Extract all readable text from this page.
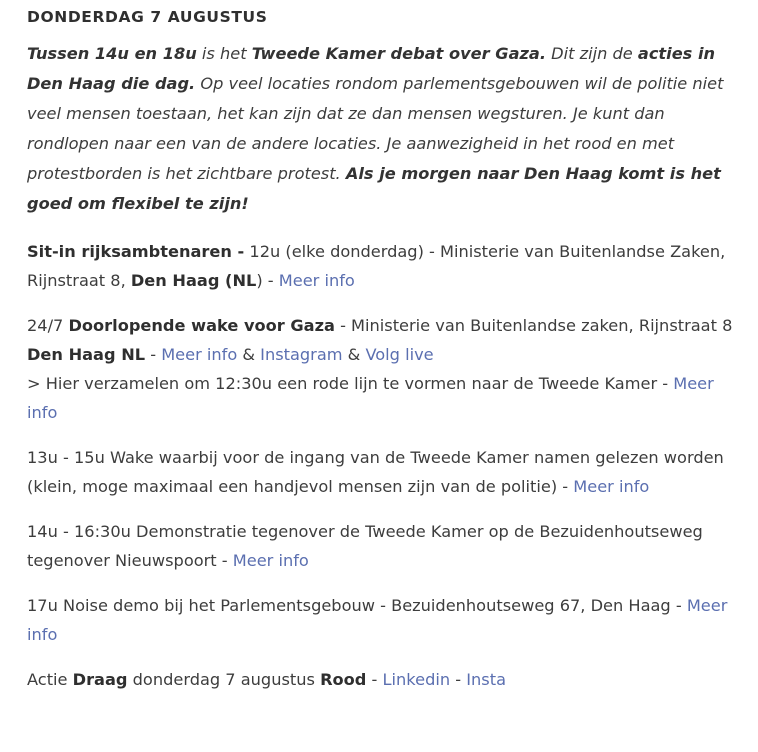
DONDERDAG 7 AUGUSTUS

Tussen 14u en 18u is het Tweede Kamer debat over Gaza. Dit zijn de acties in Den Haag die dag. Op veel locaties rondom parlementsgebouwen wil de politie niet veel mensen toestaan, het kan zijn dat ze dan mensen wegsturen. Je kunt dan rondlopen naar een van de andere locaties. Je aanwezigheid in het rood en met protestborden is het zichtbare protest. Als je morgen naar Den Haag komt is het goed om flexibel te zijn!

Sit-in rijksambtenaren - 12u (elke donderdag) - Ministerie van Buitenlandse Zaken, Rijnstraat 8, Den Haag (NL) - Meer info

24/7 Doorlopende wake voor Gaza - Ministerie van Buitenlandse zaken, Rijnstraat 8 Den Haag NL - Meer info & Instagram & Volg live
> Hier verzamelen om 12:30u een rode lijn te vormen naar de Tweede Kamer - Meer info

13u - 15u Wake waarbij voor de ingang van de Tweede Kamer namen gelezen worden (klein, moge maximaal een handjevol mensen zijn van de politie) - Meer info

14u - 16:30u Demonstratie tegenover de Tweede Kamer op de Bezuidenhoutseweg tegenover Nieuwspoort - Meer info

17u Noise demo bij het Parlementsgebouw - Bezuidenhoutseweg 67, Den Haag - Meer info

Actie Draag donderdag 7 augustus Rood - Linkedin - Insta
